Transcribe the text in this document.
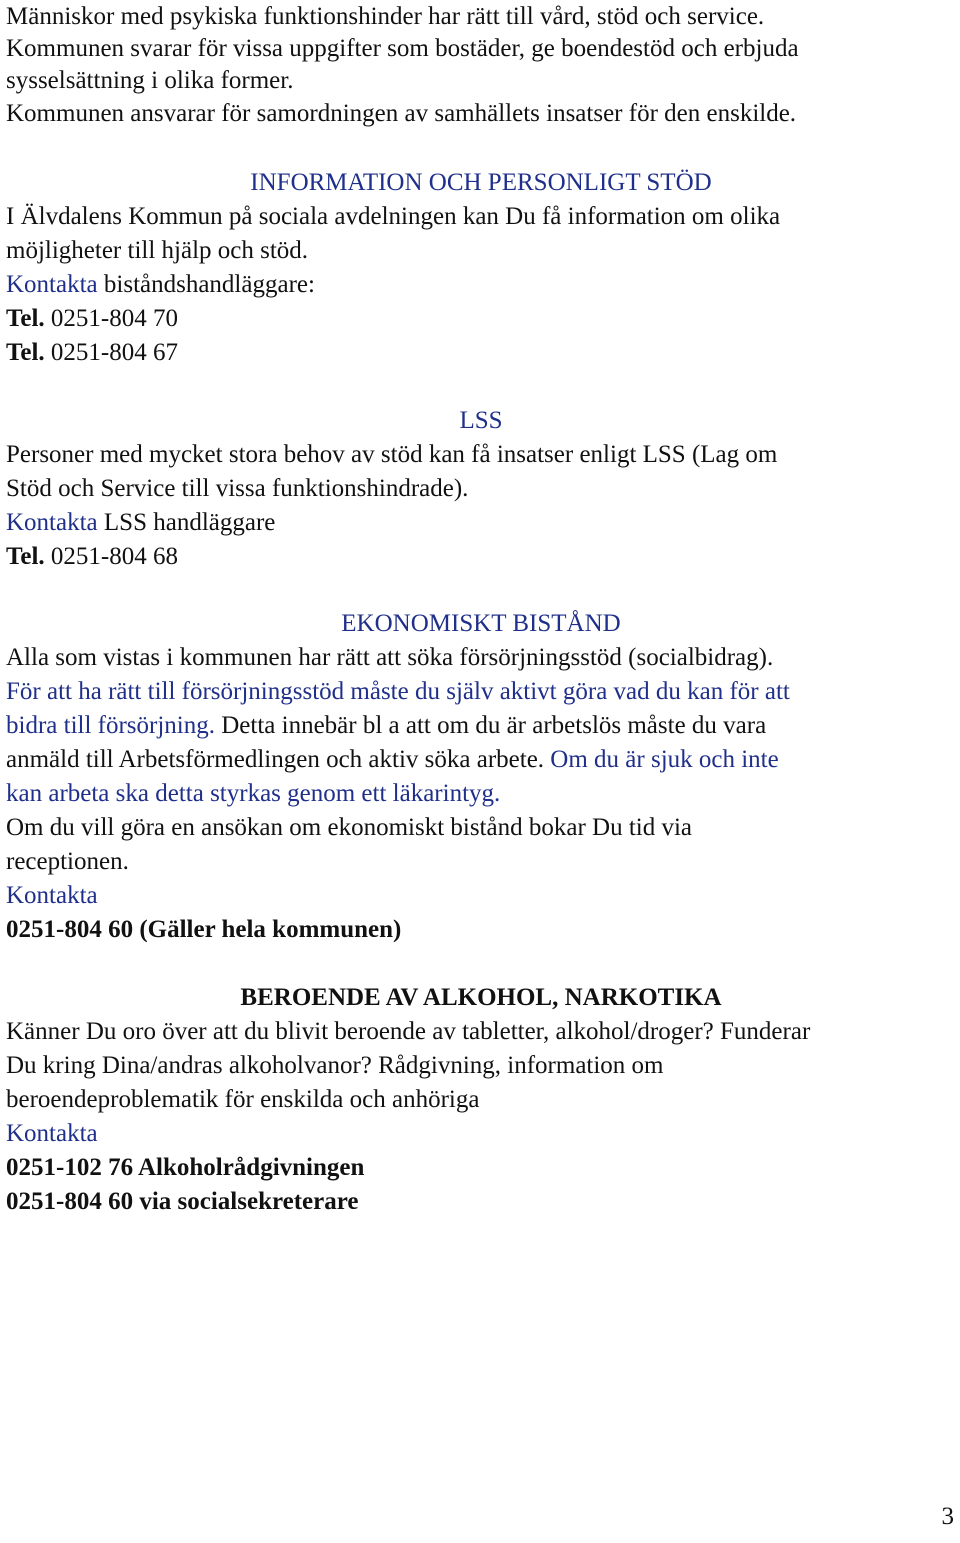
Människor med psykiska funktionshinder har rätt till vård, stöd och service.
Kommunen svarar för vissa uppgifter som bostäder, ge boendestöd och erbjuda
sysselsättning i olika former.
Kommunen ansvarar för samordningen av samhällets insatser för den enskilde.
INFORMATION OCH PERSONLIGT STÖD
I Älvdalens Kommun på sociala avdelningen kan Du få information om olika
möjligheter till hjälp och stöd.
Kontakta biståndshandläggare:
Tel. 0251-804 70
Tel. 0251-804 67
LSS
Personer med mycket stora behov av stöd kan få insatser enligt LSS (Lag om
Stöd och Service till vissa funktionshindrade).
Kontakta LSS handläggare
Tel. 0251-804 68
EKONOMISKT BISTÅND
Alla som vistas i kommunen har rätt att söka försörjningsstöd (socialbidrag).
För att ha rätt till försörjningsstöd måste du själv aktivt göra vad du kan för att
bidra till försörjning. Detta innebär bl a att om du är arbetslös måste du vara
anmäld till Arbetsförmedlingen och aktiv söka arbete. Om du är sjuk och inte
kan arbeta ska detta styrkas genom ett läkarintyg.
Om du vill göra en ansökan om ekonomiskt bistånd bokar Du tid via
receptionen.
Kontakta
0251-804 60 (Gäller hela kommunen)
BEROENDE AV ALKOHOL, NARKOTIKA
Känner Du oro över att du blivit beroende av tabletter, alkohol/droger? Funderar
Du kring Dina/andras alkoholvanor? Rådgivning, information om
beroendeproblematik för enskilda och anhöriga
Kontakta
0251-102 76 Alkoholrådgivningen
0251-804 60 via socialsekreterare
3
